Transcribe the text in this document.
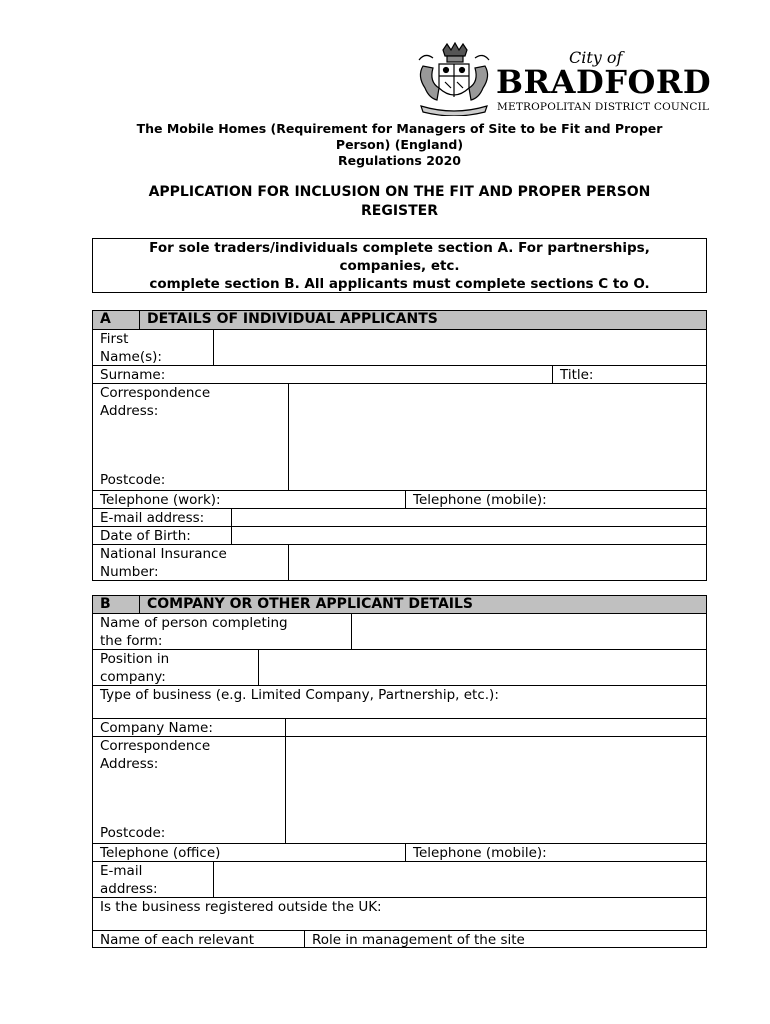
City of
BRADFORD
METROPOLITAN DISTRICT COUNCIL
The Mobile Homes (Requirement for Managers of Site to be Fit and Proper
Person) (England)
Regulations 2020
APPLICATION FOR INCLUSION ON THE FIT AND PROPER PERSON
REGISTER
For sole traders/individuals complete section A. For partnerships,
companies, etc.
complete section B. All applicants must complete sections C to O.
A	DETAILS OF INDIVIDUAL APPLICANTS
First
Name(s):
Surname:	Title:
Correspondence
Address:
Postcode:
Telephone (work):	Telephone (mobile):
E-mail address:
Date of Birth:
National Insurance
Number:
B	COMPANY OR OTHER APPLICANT DETAILS
Name of person completing
the form:
Position in
company:
Type of business (e.g. Limited Company, Partnership, etc.):
Company Name:
Correspondence
Address:
Postcode:
Telephone (office)	Telephone (mobile):
E-mail
address:
Is the business registered outside the UK:
Name of each relevant	Role in management of the site
